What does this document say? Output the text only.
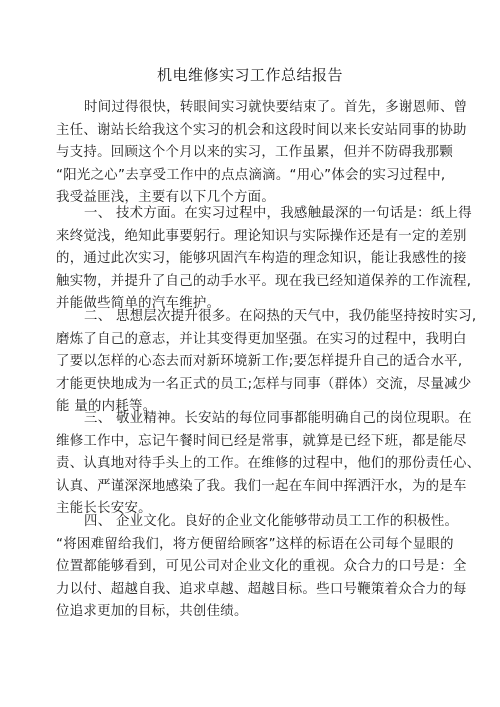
机电维修实习工作总结报告
时间过得很快，转眼间实习就快要结束了。首先，多谢恩师、曾
主任、谢站长给我这个实习的机会和这段时间以来长安站同事的协助
与支持。回顾这个个月以来的实习，工作虽累，但并不防碍我那颗
“阳光之心”去享受工作中的点点滴滴。“用心”体会的实习过程中,
我受益匪浅，主要有以下几个方面。
一、 技术方面。在实习过程中，我感触最深的一句话是：纸上得
来终觉浅，绝知此事要躬行。理论知识与实际操作还是有一定的差别
的，通过此次实习，能够巩固汽车构造的理念知识，能让我感性的接
触实物，并提升了自己的动手水平。现在我已经知道保养的工作流程,
并能做些简单的汽车维护。
二、 思想层次提升很多。在闷热的天气中，我仍能坚持按时实习,
磨炼了自己的意志，并让其变得更加坚强。在实习的过程中，我明白
了要以怎样的心态去而对新环境新工作;要怎样提升自己的适合水平,
才能更快地成为一名正式的员工;怎样与同事（群体）交流，尽量减少
能 量的内耗等。
三、 敬业精神。长安站的每位同事都能明确自己的岗位現职。在
维修工作中，忘记午餐时间已经是常事，就算是已经下班，都是能尽
责、认真地对待手头上的工作。在维修的过程中，他们的那份责任心、
认真、严谨深深地感染了我。我们一起在车间中挥洒汗水，为的是车
主能长长安安。
四、 企业文化。良好的企业文化能够带动员工工作的积极性。
“将困难留给我们，将方便留给顾客”这样的标语在公司每个显眼的
位置都能够看到，可见公司对企业文化的重视。众合力的口号是：全
力以付、超越自我、追求卓越、超越目标。些口号鞭策着众合力的每
位追求更加的目标，共创佳绩。
